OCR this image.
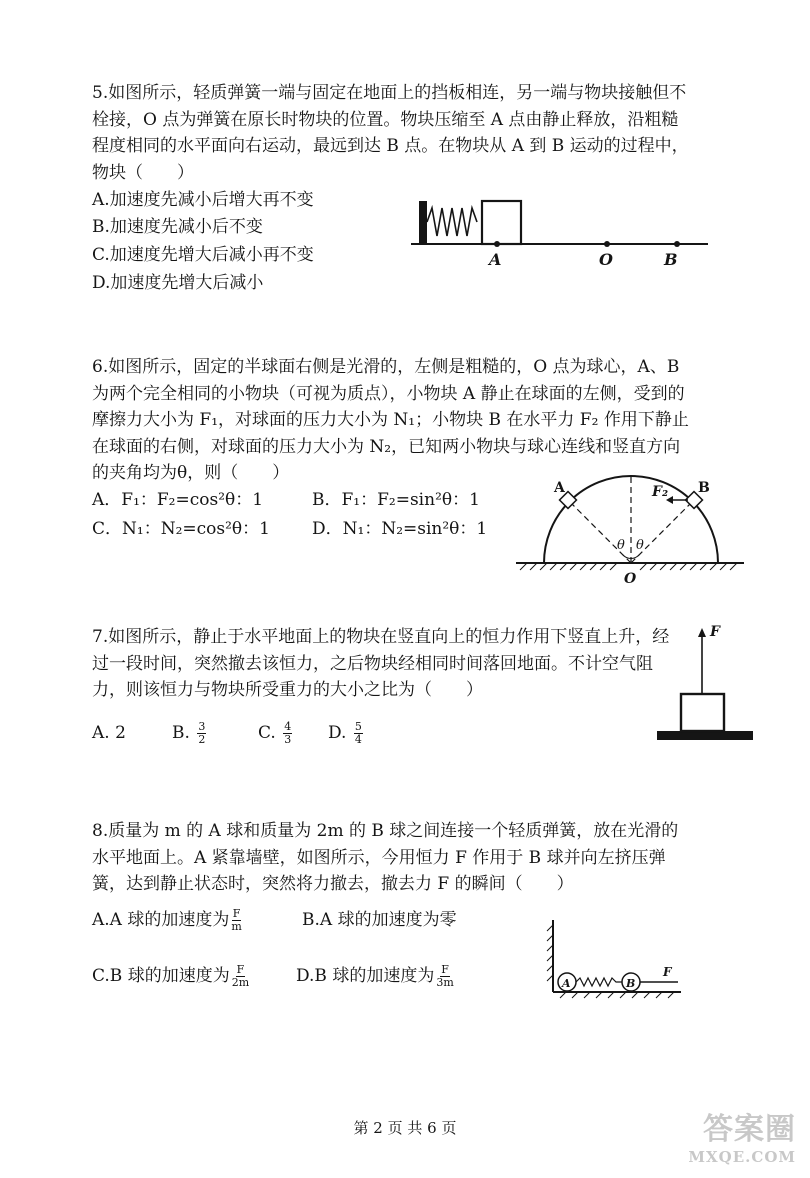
5.如图所示，轻质弹簧一端与固定在地面上的挡板相连，另一端与物块接触但不栓接，O 点为弹簧在原长时物块的位置。物块压缩至 A 点由静止释放，沿粗糙程度相同的水平面向右运动，最远到达 B 点。在物块从 A 到 B 运动的过程中，物块（　　）
A.加速度先减小后增大再不变
B.加速度先减小后不变
C.加速度先增大后减小再不变
D.加速度先增大后减小
A	O	B
6.如图所示，固定的半球面右侧是光滑的，左侧是粗糙的，O 点为球心，A、B 为两个完全相同的小物块（可视为质点），小物块 A 静止在球面的左侧，受到的摩擦力大小为 F₁，对球面的压力大小为 N₁；小物块 B 在水平力 F₂ 作用下静止在球面的右侧，对球面的压力大小为 N₂，已知两小物块与球心连线和竖直方向的夹角均为θ，则（　　）
A．F₁：F₂=cos²θ：1	B．F₁：F₂=sin²θ：1
C．N₁：N₂=cos²θ：1 D．N₁：N₂=sin²θ：1
A	B
F₂
θ θ
O
7.如图所示，静止于水平地面上的物块在竖直向上的恒力作用下竖直上升，经过一段时间，突然撤去该恒力，之后物块经相同时间落回地面。不计空气阻力，则该恒力与物块所受重力的大小之比为（　　）
A. 2	B. $\frac{3}{2}$	C. $\frac{4}{3} D$. $\frac{5}{4}$
F
8.质量为 m 的 A 球和质量为 2m 的 B 球之间连接一个轻质弹簧，放在光滑的水平地面上。A 紧靠墙壁，如图所示，今用恒力 F 作用于 B 球并向左挤压弹簧，达到静止状态时，突然将力撤去，撤去力 F 的瞬间（　　）
A.A 球的加速度为 $\frac{F}{m}$	B.A 球的加速度为零
C.B 球的加速度为 $\frac{F}{2m}$	D.B 球的加速度为 $\frac{F}{3m}$	A	B
F
第 2 页 共 6 页	答案圈
MXQE.COM
